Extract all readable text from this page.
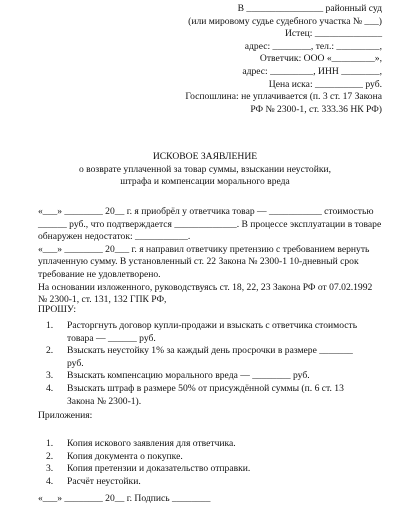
В ________________ районный суд
(или мировому судье судебного участка № ___)
Истец: ______________
адрес: ________, тел.: _________,
Ответчик: ООО «_________»,
адрес: _________, ИНН ________,
Цена иска: __________ руб.
Госпошлина: не уплачивается (п. 3 ст. 17 Закона
РФ № 2300-1, ст. 333.36 НК РФ)
ИСКОВОЕ ЗАЯВЛЕНИЕ
о возврате уплаченной за товар суммы, взыскании неустойки,
штрафа и компенсации морального вреда

«___» ________ 20__ г. я приобрёл у ответчика товар — ___________ стоимостью ______ руб., что подтверждается _____________. В процессе эксплуатации в товаре обнаружен недостаток: ___________.

«___» ________ 20___ г. я направил ответчику претензию с требованием вернуть уплаченную сумму. В установленный ст. 22 Закона № 2300-1 10-дневный срок требование не удовлетворено.

На основании изложенного, руководствуясь ст. 18, 22, 23 Закона РФ от 07.02.1992 № 2300-1, ст. 131, 132 ГПК РФ,

ПРОШУ:
1. Расторгнуть договор купли-продажи и взыскать с ответчика стоимость
товара — ______ руб.
2. Взыскать неустойку 1% за каждый день просрочки в размере _______
руб.
3. Взыскать компенсацию морального вреда — ________ руб.
4. Взыскать штраф в размере 50% от присуждённой суммы (п. 6 ст. 13
Закона № 2300-1).
Приложения:
1. Копия искового заявления для ответчика.
2. Копия документа о покупке.
3. Копия претензии и доказательство отправки.
4. Расчёт неустойки.
«___» ________ 20__ г. Подпись ________
